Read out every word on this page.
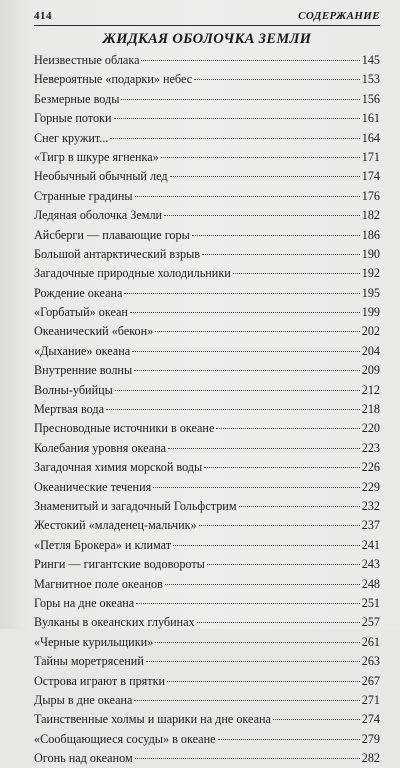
414	СОДЕРЖАНИЕ
ЖИДКАЯ ОБОЛОЧКА ЗЕМЛИ
Неизвестные облака	145
Невероятные «подарки» небес	153
Безмерные воды	156
Горные потоки	161
Снег кружит...	164
«Тигр в шкуре ягненка»	171
Необычный обычный лед	174
Странные градины	176
Ледяная оболочка Земли	182
Айсберги — плавающие горы	186
Большой антарктический взрыв	190
Загадочные природные холодильники	192
Рождение океана	195
«Горбатый» океан	199
Океанический «бекон»	202
«Дыхание» океана	204
Внутренние волны	209
Волны-убийцы	212
Мертвая вода	218
Пресноводные источники в океане	220
Колебания уровня океана	223
Загадочная химия морской воды	226
Океанические течения	229
Знаменитый и загадочный Гольфстрим	232
Жестокий «младенец-мальчик»	237
«Петля Брокера» и климат	241
Ринги — гигантские водовороты	243
Магнитное поле океанов	248
Горы на дне океана	251
Вулканы в океанских глубинах	257
«Черные курильщики»	261
Тайны моретрясений	263
Острова играют в прятки	267
Дыры в дне океана	271
Таинственные холмы и шарики на дне океана	274
«Сообщающиеся сосуды» в океане	279
Огонь над океаном	282
